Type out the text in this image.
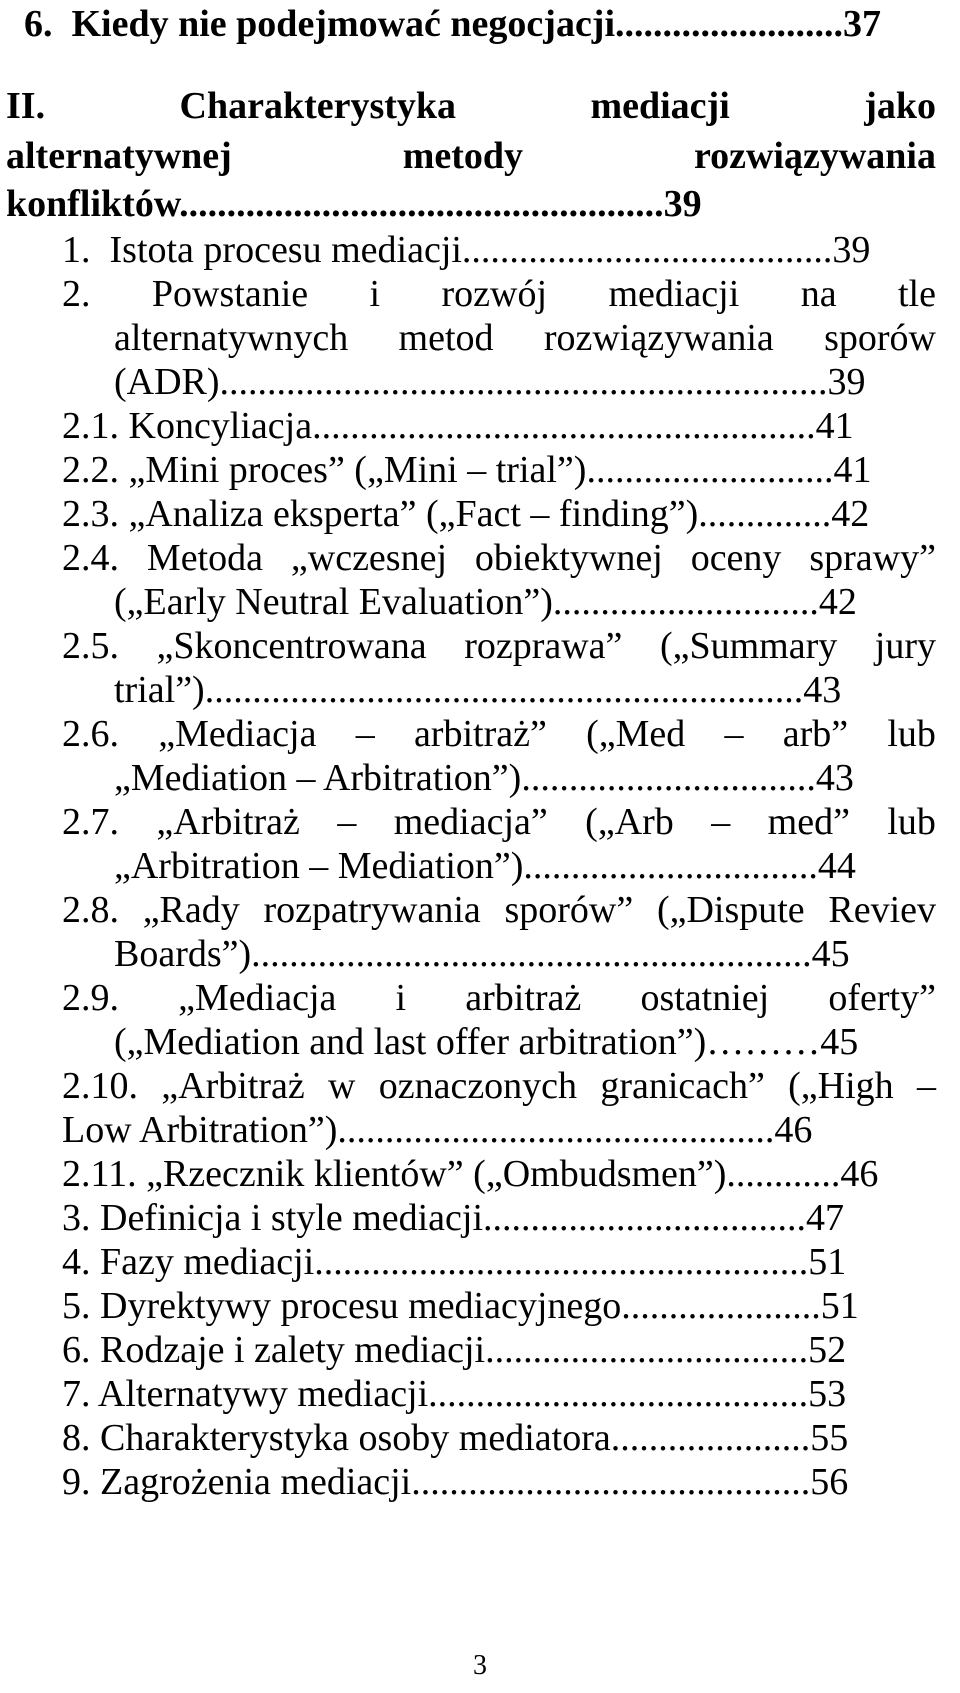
6.  Kiedy nie podejmować negocjacji........................37
II.	Charakterystyka	mediacji	jako
alternatywnej	metody	rozwiązywania
konfliktów...................................................39
1.  Istota procesu mediacji.......................................39
2. Powstanie i rozwój mediacji na tle
alternatywnych metod rozwiązywania sporów
(ADR)................................................................39
2.1. Koncyliacja.....................................................41
2.2. „Mini proces” („Mini – trial”)..........................41
2.3. „Analiza eksperta” („Fact – finding”)..............42
2.4. Metoda „wczesnej obiektywnej oceny sprawy”
(„Early Neutral Evaluation”)............................42
2.5. „Skoncentrowana rozprawa” („Summary jury
trial”)...............................................................43
2.6. „Mediacja – arbitraż” („Med – arb” lub
„Mediation – Arbitration”)...............................43
2.7. „Arbitraż – mediacja” („Arb – med” lub
„Arbitration – Mediation”)...............................44
2.8. „Rady rozpatrywania sporów” („Dispute Reviev
Boards”)...........................................................45
2.9. „Mediacja i arbitraż ostatniej oferty”
(„Mediation and last offer arbitration”)………45
2.10. „Arbitraż w oznaczonych granicach” („High –
Low Arbitration”)..............................................46
2.11. „Rzecznik klientów” („Ombudsmen”)............46
3. Definicja i style mediacji..................................47
4. Fazy mediacji....................................................51
5. Dyrektywy procesu mediacyjnego.....................51
6. Rodzaje i zalety mediacji..................................52
7. Alternatywy mediacji........................................53
8. Charakterystyka osoby mediatora.....................55
9. Zagrożenia mediacji..........................................56
3
